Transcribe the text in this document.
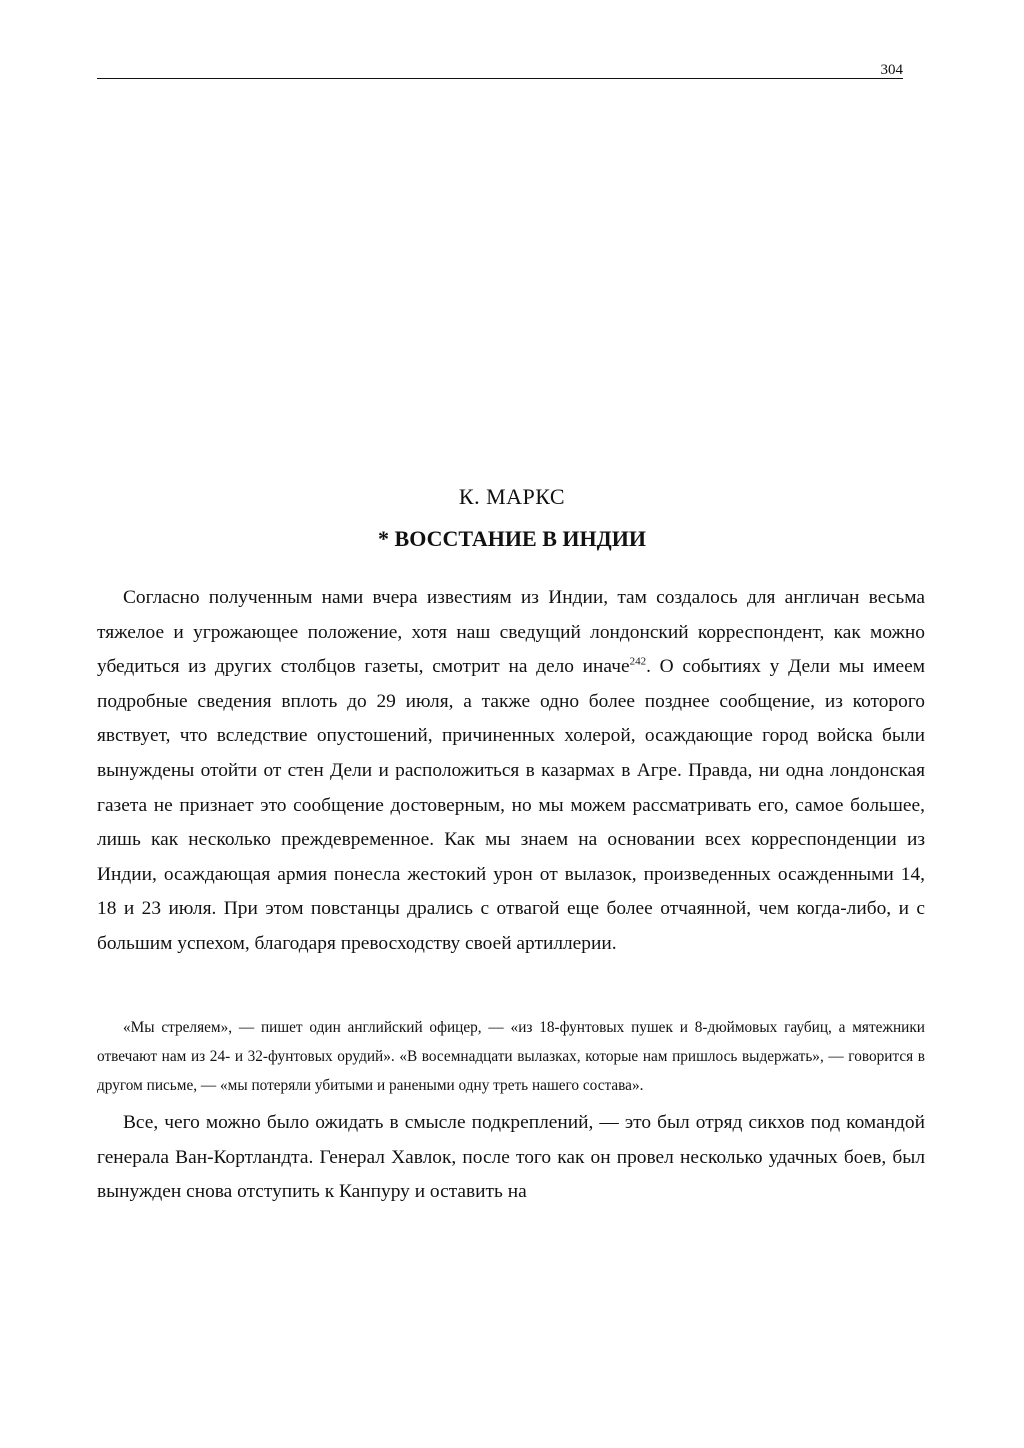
304
К. МАРКС
* ВОССТАНИЕ В ИНДИИ

Согласно полученным нами вчера известиям из Индии, там создалось для англичан весьма тяжелое и угрожающее положение, хотя наш сведущий лондонский корреспондент, как можно убедиться из других столбцов газеты, смотрит на дело иначе$^{242}$. О событиях у Дели мы имеем подробные сведения вплоть до 29 июля, а также одно более позднее сообщение, из которого явствует, что вследствие опустошений, причиненных холерой, осаждающие город войска были вынуждены отойти от стен Дели и расположиться в казармах в Агре. Правда, ни одна лондонская газета не признает это сообщение достоверным, но мы можем рассматривать его, самое большее, лишь как несколько преждевременное. Как мы знаем на основании всех корреспонденции из Индии, осаждающая армия понесла жестокий урон от вылазок, произведенных осажденными 14, 18 и 23 июля. При этом повстанцы дрались с отвагой еще более отчаянной, чем когда-либо, и с большим успехом, благодаря превосходству своей артиллерии.

«Мы стреляем», — пишет один английский офицер, — «из 18-фунтовых пушек и 8-дюймовых гаубиц, а мятежники отвечают нам из 24- и 32-фунтовых орудий». «В восемнадцати вылазках, которые нам пришлось выдержать», — говорится в другом письме, — «мы потеряли убитыми и ранеными одну треть нашего состава».

Все, чего можно было ожидать в смысле подкреплений, — это был отряд сикхов под командой генерала Ван-Кортландта. Генерал Хавлок, после того как он провел несколько удачных боев, был вынужден снова отступить к Канпуру и оставить на
